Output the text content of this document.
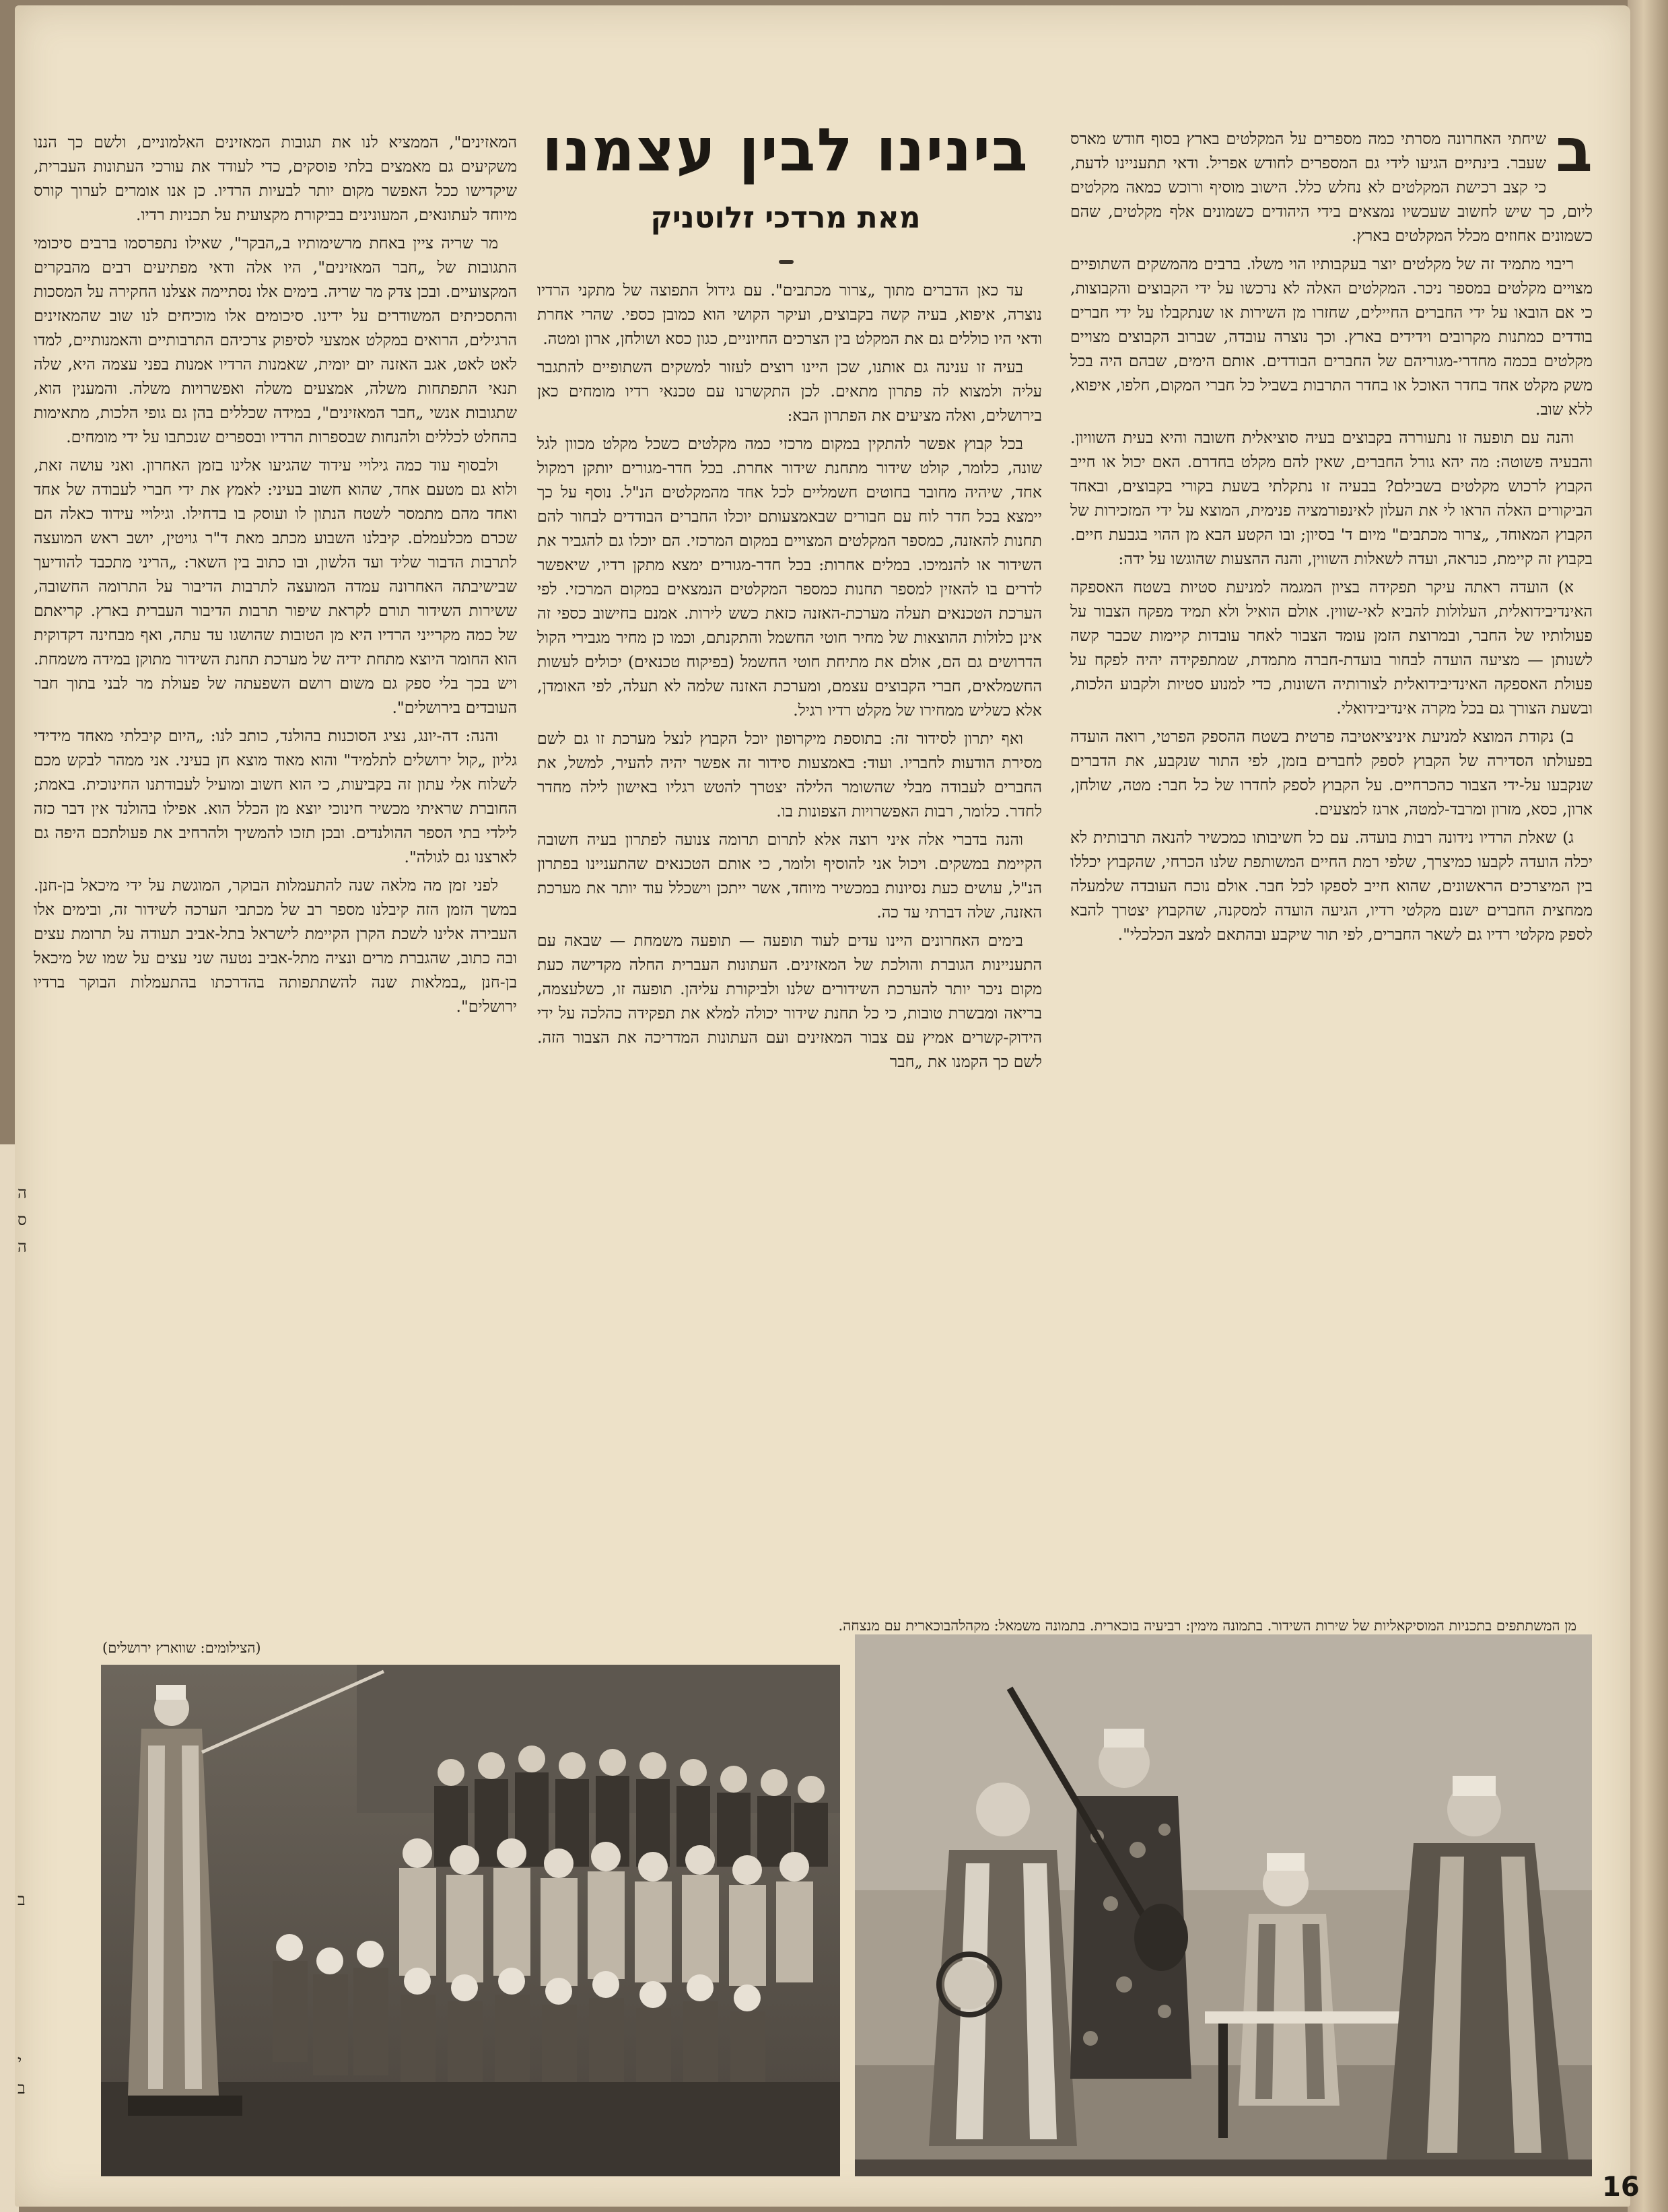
בינינו לבין עצמנו
מאת מרדכי זלוטניק

ב
שיחתי האחרונה מסרתי כמה מספרים על המקלטים בארץ בסוף חודש מארס שעבר. בינתיים הגיעו לידי גם המספרים לחודש אפריל. ודאי תתעניינו לדעת, כי קצב רכישת המקלטים לא נחלש כלל. הישוב מוסיף ורוכש כמאה מקלטים ליום, כך שיש לחשוב שעכשיו נמצאים בידי היהודים כשמונים אלף מקלטים, שהם כשמונים אחוזים מכלל המקלטים בארץ.

ריבוי מתמיד זה של מקלטים יוצר בעקבותיו הוי משלו. ברבים מהמשקים השתופיים מצויים מקלטים במספר ניכר. המקלטים האלה לא נרכשו על ידי הקבוצים והקבוצות, כי אם הובאו על ידי החברים החיילים, שחזרו מן השירות או שנתקבלו על ידי חברים בודדים כמתנות מקרובים וידידים בארץ. וכך נוצרה עובדה, שברוב הקבוצים מצויים מקלטים בכמה מחדרי-מגוריהם של החברים הבודדים. אותם הימים, שבהם היה בכל משק מקלט אחד בחדר האוכל או בחדר התרבות בשביל כל חברי המקום, חלפו, איפוא, ללא שוב.

והנה עם תופעה זו נתעוררה בקבוצים בעיה סוציאלית חשובה והיא בעית השוויון. והבעיה פשוטה: מה יהא גורל החברים, שאין להם מקלט בחדרם. האם יכול או חייב הקבוץ לרכוש מקלטים בשבילם? בבעיה זו נתקלתי בשעת בקורי בקבוצים, ובאחד הביקורים האלה הראו לי את העלון לאינפורמציה פנימית, המוצא על ידי המזכירות של הקבוץ המאוחד, „צרור מכתבים" מיום ד' בסיון; ובו הקטע הבא מן ההוי בגבעת חיים. בקבוץ זה קיימת, כנראה, ועדה לשאלות השווין, והנה ההצעות שהוגשו על ידה:

א) הועדה ראתה עיקר תפקידה בציון המגמה למניעת סטיות בשטח האספקה האינדיבידואלית, העלולות להביא לאי-שווין. אולם הואיל ולא תמיד מפקח הצבור על פעולותיו של החבר, ובמרוצת הזמן עומד הצבור לאחר עובדות קיימות שכבר קשה לשנותן — מציעה הועדה לבחור בועדת-חברה מתמדת, שמתפקידה יהיה לפקח על פעולת האספקה האינדיבידואלית לצורותיה השונות, כדי למנוע סטיות ולקבוע הלכות, ובשעת הצורך גם בכל מקרה אינדיבידואלי.

ב) נקודת המוצא למניעת איניציאטיבה פרטית בשטח ההספק הפרטי, רואה הועדה בפעולתו הסדירה של הקבוץ לספק לחברים בזמן, לפי התור שנקבע, את הדברים שנקבעו על-ידי הצבור כהכרחיים. על הקבוץ לספק לחדרו של כל חבר: מטה, שולחן, ארון, כסא, מזרון ומרבד-למטה, ארגז למצעים.

ג) שאלת הרדיו נידונה רבות בועדה. עם כל חשיבותו כמכשיר להנאה תרבותית לא יכלה הועדה לקבעו כמיצרך, שלפי רמת החיים המשותפת שלנו הכרחי, שהקבוץ יכללו בין המיצרכים הראשונים, שהוא חייב לספקו לכל חבר. אולם נוכח העובדה שלמעלה ממחצית החברים ישנם מקלטי רדיו, הגיעה הועדה למסקנה, שהקבוץ יצטרך להבא לספק מקלטי רדיו גם לשאר החברים, לפי תור שיקבע ובהתאם למצב הכלכלי".

עד כאן הדברים מתוך „צרור מכתבים". עם גידול התפוצה של מתקני הרדיו נוצרה, איפוא, בעיה קשה בקבוצים, ועיקר הקושי הוא כמובן כספי. שהרי אחרת ודאי היו כוללים גם את המקלט בין הצרכים החיוניים, כגון כסא ושולחן, ארון ומטה.

בעיה זו ענינה גם אותנו, שכן היינו רוצים לעזור למשקים השתופיים להתגבר עליה ולמצוא לה פתרון מתאים. לכן התקשרנו עם טכנאי רדיו מומחים כאן בירושלים, ואלה מציעים את הפתרון הבא:

בכל קבוץ אפשר להתקין במקום מרכזי כמה מקלטים כשכל מקלט מכוון לגל שונה, כלומר, קולט שידור מתחנת שידור אחרת. בכל חדר-מגורים יותקן רמקול אחד, שיהיה מחובר בחוטים חשמליים לכל אחד מהמקלטים הנ"ל. נוסף על כך יימצא בכל חדר לוח עם חבורים שבאמצעותם יוכלו החברים הבודדים לבחור להם תחנות להאזנה, כמספר המקלטים המצויים במקום המרכזי. הם יוכלו גם להגביר את השידור או להנמיכו. במלים אחרות: בכל חדר-מגורים ימצא מתקן רדיו, שיאפשר לדרים בו להאזין למספר תחנות כמספר המקלטים הנמצאים במקום המרכזי. לפי הערכת הטכנאים תעלה מערכת-האזנה כזאת כשש לירות. אמנם בחישוב כספי זה אינן כלולות ההוצאות של מחיר חוטי החשמל והתקנתם, וכמו כן מחיר מגבירי הקול הדרושים גם הם, אולם את מתיחת חוטי החשמל (בפיקוח טכנאים) יכולים לעשות החשמלאים, חברי הקבוצים עצמם, ומערכת האזנה שלמה לא תעלה, לפי האומדן, אלא כשליש ממחירו של מקלט רדיו רגיל.

ואף יתרון לסידור זה: בתוספת מיקרופון יוכל הקבוץ לנצל מערכת זו גם לשם מסירת הודעות לחבריו. ועוד: באמצעות סידור זה אפשר יהיה להעיר, למשל, את החברים לעבודה מבלי שהשומר הלילה יצטרך להטש רגליו באישון לילה מחדר לחדר. כלומר, רבות האפשרויות הצפונות בו.

והנה בדברי אלה איני רוצה אלא לתרום תרומה צנועה לפתרון בעיה חשובה הקיימת במשקים. ויכול אני להוסיף ולומר, כי אותם הטכנאים שהתעניינו בפתרון הנ"ל, עושים כעת נסיונות במכשיר מיוחד, אשר ייתכן וישכלל עוד יותר את מערכת האזנה, שלה דברתי עד כה.

בימים האחרונים היינו עדים לעוד תופעה — תופעה משמחת — שבאה עם התעניינות הגוברת והולכת של המאזינים. העתונות העברית החלה מקדישה כעת מקום ניכר יותר להערכת השידורים שלנו ולביקורת עליהן. תופעה זו, כשלעצמה, בריאה ומבשרת טובות, כי כל תחנת שידור יכולה למלא את תפקידה כהלכה על ידי הידוק-קשרים אמיץ עם צבור המאזינים ועם העתונות המדריכה את הצבור הזה. לשם כך הקמנו את „חבר

המאזינים", הממציא לנו את תגובות המאזינים האלמוניים, ולשם כך הננו משקיעים גם מאמצים בלתי פוסקים, כדי לעודד את עורכי העתונות העברית, שיקדישו ככל האפשר מקום יותר לבעיות הרדיו. כן אנו אומרים לערוך קורס מיוחד לעתונאים, המעונינים בביקורת מקצועית על תכניות רדיו.

מר שריה ציין באחת מרשימותיו ב„הבקר", שאילו נתפרסמו ברבים סיכומי התגובות של „חבר המאזינים", היו אלה ודאי מפתיעים רבים מהבקרים המקצועיים. ובכן צדק מר שריה. בימים אלו נסתיימה אצלנו החקירה על המסכות והתסכיתים המשודרים על ידינו. סיכומים אלו מוכיחים לנו שוב שהמאזינים הרגילים, הרואים במקלט אמצעי לסיפוק צרכיהם התרבותיים והאמנותיים, למדו לאט לאט, אגב האזנה יום יומית, שאמנות הרדיו אמנות בפני עצמה היא, שלה תנאי התפתחות משלה, אמצעים משלה ואפשרויות משלה. והמענין הוא, שתגובות אנשי „חבר המאזינים", במידה שכללים בהן גם גופי הלכות, מתאימות בהחלט לכללים ולהנחות שבספרות הרדיו ובספרים שנכתבו על ידי מומחים.

ולבסוף עוד כמה גילויי עידוד שהגיעו אלינו בזמן האחרון. ואני עושה זאת, ולוא גם מטעם אחד, שהוא חשוב בעיני: לאמץ את ידי חברי לעבודה של אחד ואחד מהם מתמסר לשטח הנתון לו ועוסק בו בדחילו. וגילויי עידוד כאלה הם שכרם מכלעמלם. קיבלנו השבוע מכתב מאת ד"ר גויטין, יושב ראש המועצה לתרבות הדבור שליד ועד הלשון, ובו כתוב בין השאר: „הריני מתכבד להודיעך שבישיבתה האחרונה עמדה המועצה לתרבות הדיבור על התרומה החשובה, ששירות השידור תורם לקראת שיפור תרבות הדיבור העברית בארץ. קריאתם של כמה מקרייני הרדיו היא מן הטובות שהושגו עד עתה, ואף מבחינה דקדוקית הוא החומר היוצא מתחת ידיה של מערכת תחנת השידור מתוקן במידה משמחת. ויש בכך בלי ספק גם משום רושם השפעתה של פעולת מר לבני בתוך חבר העובדים בירושלים".

והנה: דה-יונג, נציג הסוכנות בהולנד, כותב לנו: „היום קיבלתי מאחד מידידי גליון „קול ירושלים לתלמיד" והוא מאוד מוצא חן בעיני. אני ממהר לבקש מכם לשלוח אלי עתון זה בקביעות, כי הוא חשוב ומועיל לעבודתנו החינוכית. באמת; החוברת שראיתי מכשיר חינוכי יוצא מן הכלל הוא. אפילו בהולנד אין דבר כזה לילדי בתי הספר ההולנדים. ובכן תזכו להמשיך ולהרחיב את פעולתכם היפה גם לארצנו גם לגולה".

לפני זמן מה מלאה שנה להתעמלות הבוקר, המוגשת על ידי מיכאל בן-חנן. במשך הזמן הזה קיבלנו מספר רב של מכתבי הערכה לשידור זה, ובימים אלו העבירה אלינו לשכת הקרן הקיימת לישראל בתל-אביב תעודה על תרומת עצים ובה כתוב, שהגברת מרים ונציה מתל-אביב נטעה שני עצים על שמו של מיכאל בן-חנן „במלאות שנה להשתתפותה בהדרכתו בהתעמלות הבוקר ברדיו ירושלים".

מן המשתתפים בתכניות המוסיקאליות של שירות השידור. בתמונה מימין: רביעיה בוכארית. בתמונה משמאל: מקהלהבוכארית עם מנצחה.
(הצילומים: שווארץ ירושלים)
16
ה
ס
ה
י
ב
ב
